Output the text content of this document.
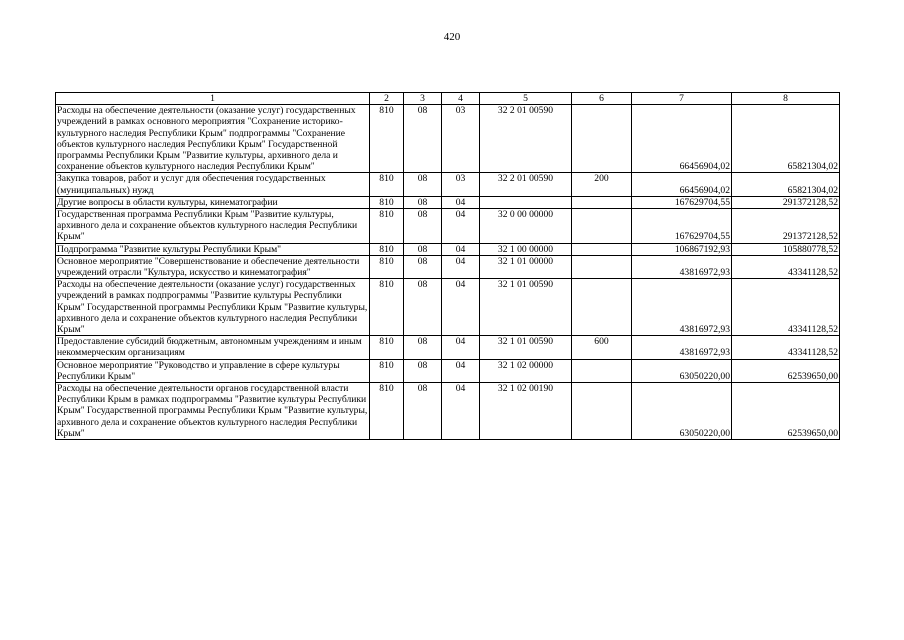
420
1	2	3	4	5	6	7	8
Расходы на обеспечение деятельности (оказание услуг) государственных учреждений в рамках основного мероприятия "Сохранение историко-культурного наследия Республики Крым" подпрограммы "Сохранение объектов культурного наследия Республики Крым" Государственной программы Республики Крым "Развитие культуры, архивного дела и сохранение объектов культурного наследия Республики Крым"	810	08	03	32 2 01 00590		66456904,02	65821304,02
Закупка товаров, работ и услуг для обеспечения государственных (муниципальных) нужд	810	08	03	32 2 01 00590	200	66456904,02	65821304,02
Другие вопросы в области культуры, кинематографии	810	08	04			167629704,55	291372128,52
Государственная программа Республики Крым "Развитие культуры, архивного дела и сохранение объектов культурного наследия Республики Крым"	810	08	04	32 0 00 00000		167629704,55	291372128,52
Подпрограмма "Развитие культуры Республики Крым"	810	08	04	32 1 00 00000		106867192,93	105880778,52
Основное мероприятие "Совершенствование и обеспечение деятельности учреждений отрасли "Культура, искусство и кинематография"	810	08	04	32 1 01 00000		43816972,93	43341128,52
Расходы на обеспечение деятельности (оказание услуг) государственных учреждений в рамках подпрограммы "Развитие культуры Республики Крым" Государственной программы Республики Крым "Развитие культуры, архивного дела и сохранение объектов культурного наследия Республики Крым"	810	08	04	32 1 01 00590		43816972,93	43341128,52
Предоставление субсидий бюджетным, автономным учреждениям и иным некоммерческим организациям	810	08	04	32 1 01 00590	600	43816972,93	43341128,52
Основное мероприятие "Руководство и управление в сфере культуры Республики Крым"	810	08	04	32 1 02 00000		63050220,00	62539650,00
Расходы на обеспечение деятельности органов государственной власти Республики Крым в рамках подпрограммы "Развитие культуры Республики Крым" Государственной программы Республики Крым "Развитие культуры, архивного дела и сохранение объектов культурного наследия Республики Крым"	810	08	04	32 1 02 00190		63050220,00	62539650,00
